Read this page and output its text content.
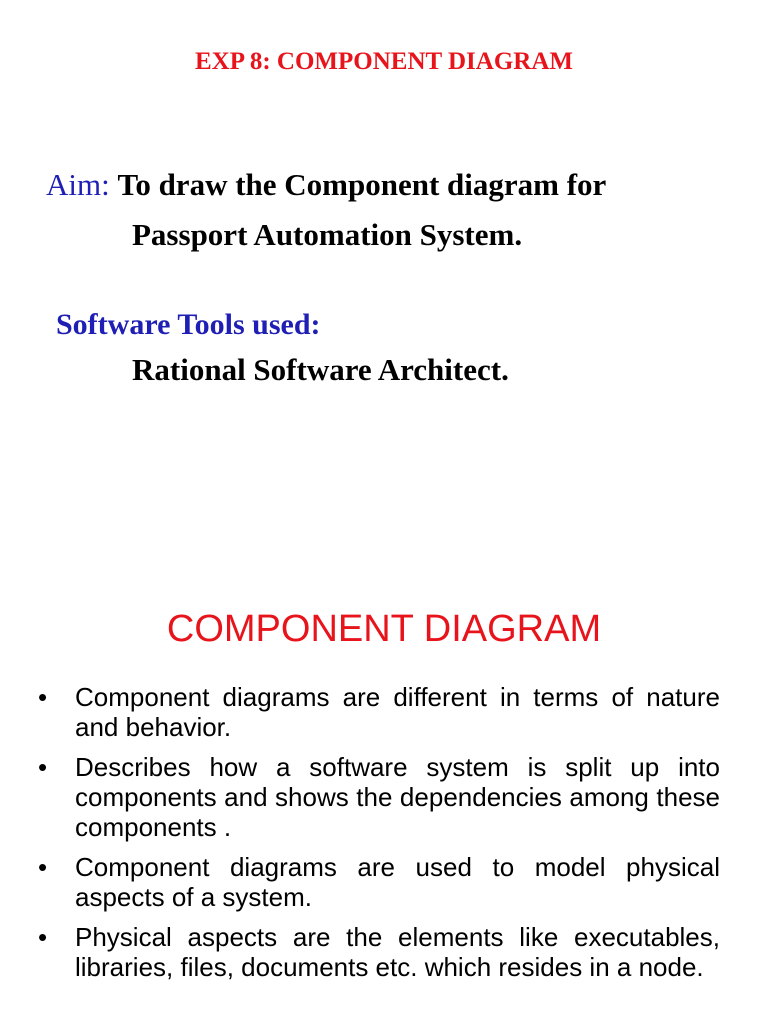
EXP 8: COMPONENT DIAGRAM
Aim: To draw the Component diagram for
Passport Automation System.
Software Tools used:

Rational Software Architect.

COMPONENT DIAGRAM
• Component diagrams are different in terms of nature and behavior.
• Describes how a software system is split up into components and shows the dependencies among these components .
• Component diagrams are used to model physical aspects of a system.
• Physical aspects are the elements like executables, libraries, files, documents etc. which resides in a node.
